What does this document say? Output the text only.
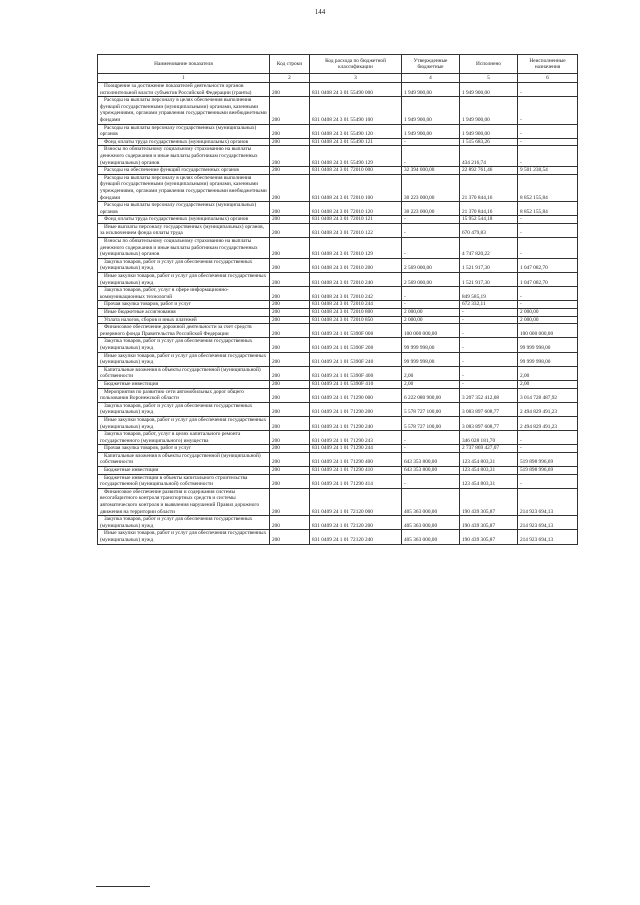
144
Наименование показателя	Код строки	Код расхода по бюджетной классификации	Утвержденные бюджетные	Исполнено	Неисполненные назначения
1	2	3	4	5	6
Поощрение за достижение показателей деятельности органов исполнительной власти субъектов Российской Федерации (гранты)	200	831 0408 24 3 01 55490 000	1 949 900,00	1 949 900,00	-
Расходы на выплаты персоналу в целях обеспечения выполнения функций государственными (муниципальными) органами, казенными учреждениями, органами управления государственными внебюджетными фондами	200	831 0408 24 3 01 55490 100	1 949 900,00	1 949 900,00	-
Расходы на выплаты персоналу государственных (муниципальных) органов	200	831 0408 24 3 01 55490 120	1 949 900,00	1 949 900,00	-
Фонд оплаты труда государственных (муниципальных) органов	200	831 0408 24 3 01 55490 121	-	1 515 683,26	-
Взносы по обязательному социальному страхованию на выплаты денежного содержания и иные выплаты работникам государственных (муниципальных) органов	200	831 0408 24 3 01 55490 129	-	434 216,74	-
Расходы на обеспечение функций государственных органов	200	831 0408 24 3 01 72010 000	32 394 000,00	22 892 761,46	9 501 238,54
Расходы на выплаты персоналу в целях обеспечения выполнения функций государственными (муниципальными) органами, казенными учреждениями, органами управления государственными внебюджетными фондами	200	831 0408 24 3 01 72010 100	30 223 000,00	21 370 844,16	8 852 155,84
Расходы на выплаты персоналу государственных (муниципальных) органов	200	831 0408 24 3 01 72010 120	30 223 000,00	21 370 844,16	8 852 155,84
Фонд оплаты труда государственных (муниципальных) органов	200	831 0408 24 3 01 72010 121	-	15 952 544,18	-
Иные выплаты персоналу государственных (муниципальных) органов, за исключением фонда оплаты труда	200	831 0408 24 3 01 72010 122	-	670 479,83	-
Взносы по обязательному социальному страхованию на выплаты денежного содержания и иные выплаты работникам государственных (муниципальных) органов	200	831 0408 24 3 01 72010 129	-	4 747 820,22	-
Закупка товаров, работ и услуг для обеспечения государственных (муниципальных) нужд	200	831 0408 24 3 01 72010 200	2 569 000,00	1 521 917,30	1 047 082,70
Иные закупки товаров, работ и услуг для обеспечения государственных (муниципальных) нужд	200	831 0408 24 3 01 72010 240	2 569 000,00	1 521 917,30	1 047 082,70
Закупка товаров, работ, услуг в сфере информационно-коммуникационных технологий	200	831 0408 24 3 01 72010 242	-	849 585,19	-
Прочая закупка товаров, работ и услуг	200	831 0408 24 3 01 72010 244	-	672 332,11	-
Иные бюджетные ассигнования	200	831 0408 24 3 01 72010 800	2 000,00	-	2 000,00
Уплата налогов, сборов и иных платежей	200	831 0408 24 3 01 72010 850	2 000,00	-	2 000,00
Финансовое обеспечение дорожной деятельности за счет средств резервного фонда Правительства Российской Федерации	200	831 0409 24 1 01 5390F 000	100 000 000,00	-	100 000 000,00
Закупка товаров, работ и услуг для обеспечения государственных (муниципальных) нужд	200	831 0409 24 1 01 5390F 200	99 999 998,00	-	99 999 998,00
Иные закупки товаров, работ и услуг для обеспечения государственных (муниципальных) нужд	200	831 0409 24 1 01 5390F 240	99 999 998,00	-	99 999 998,00
Капитальные вложения в объекты государственной (муниципальной) собственности	200	831 0409 24 1 01 5390F 400	2,00	-	2,00
Бюджетные инвестиции	200	831 0409 24 1 01 5390F 410	2,00	-	2,00
Мероприятия по развитию сети автомобильных дорог общего пользования Воронежской области	200	831 0409 24 1 01 71290 000	6 222 080 900,00	3 207 352 412,08	3 014 728 487,92
Закупка товаров, работ и услуг для обеспечения государственных (муниципальных) нужд	200	831 0409 24 1 01 71290 200	5 578 727 100,00	3 083 897 608,77	2 494 829 491,23
Иные закупки товаров, работ и услуг для обеспечения государственных (муниципальных) нужд	200	831 0409 24 1 01 71290 240	5 578 727 100,00	3 083 897 608,77	2 494 829 491,23
Закупка товаров, работ, услуг в целях капитального ремонта государственного (муниципального) имущества	200	831 0409 24 1 01 71290 243	-	346 028 181,70	-
Прочая закупка товаров, работ и услуг	200	831 0409 24 1 01 71290 244	-	2 737 869 427,07	-
Капитальные вложения в объекты государственной (муниципальной) собственности	200	831 0409 24 1 01 71290 400	643 353 800,00	123 454 803,31	519 898 996,69
Бюджетные инвестиции	200	831 0409 24 1 01 71290 410	643 353 800,00	123 454 803,31	519 898 996,69
Бюджетные инвестиции в объекты капитального строительства государственной (муниципальной) собственности	200	831 0409 24 1 01 71290 414	-	123 454 803,31	-
Финансовое обеспечение развития и содержания системы весогабаритного контроля транспортных средств и системы автоматического контроля и выявления нарушений Правил дорожного движения на территории области	200	831 0409 24 1 01 72120 000	405 363 000,00	190 439 305,87	214 923 694,13
Закупка товаров, работ и услуг для обеспечения государственных (муниципальных) нужд	200	831 0409 24 1 01 72120 200	405 363 000,00	190 439 305,87	214 923 694,13
Иные закупки товаров, работ и услуг для обеспечения государственных (муниципальных) нужд	200	831 0409 24 1 01 72120 240	405 363 000,00	190 439 305,87	214 923 694,13
